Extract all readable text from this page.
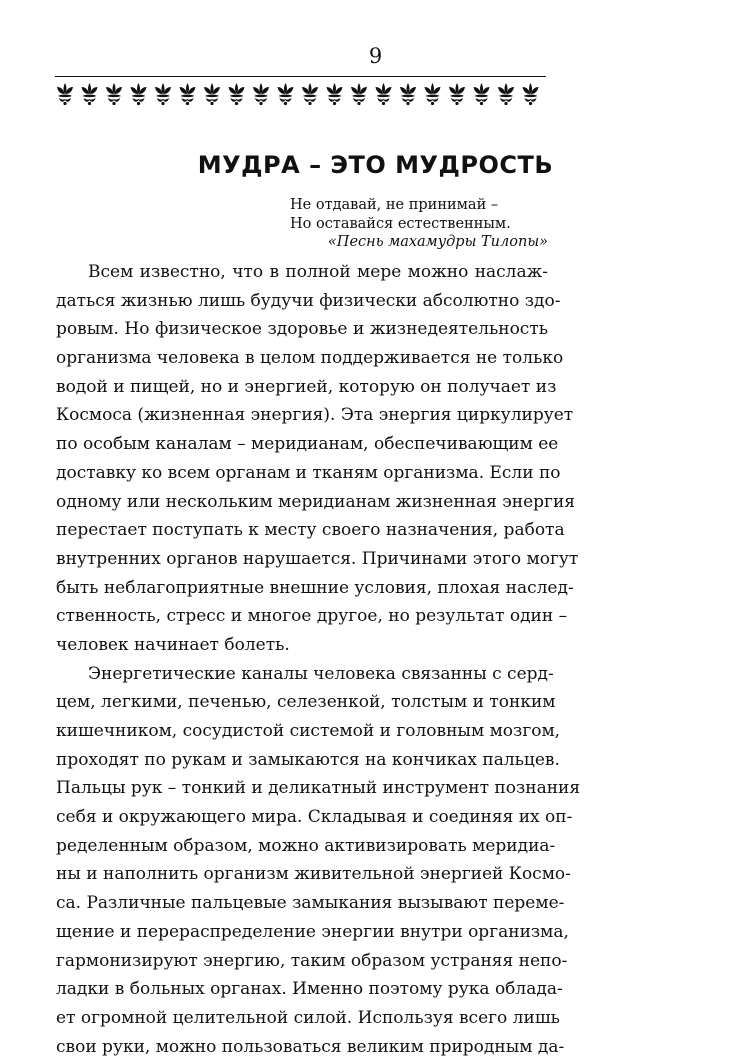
9
МУДРА – ЭТО МУДРОСТЬ
Не отдавай, не принимай –
Но оставайся естественным.
«Песнь махамудры Тилопы»
Всем известно, что в полной мере можно наслаж-
даться жизнью лишь будучи физически абсолютно здо-
ровым. Но физическое здоровье и жизнедеятельность
организма человека в целом поддерживается не только
водой и пищей, но и энергией, которую он получает из
Космоса (жизненная энергия). Эта энергия циркулирует
по особым каналам – меридианам, обеспечивающим ее
доставку ко всем органам и тканям организма. Если по
одному или нескольким меридианам жизненная энергия
перестает поступать к месту своего назначения, работа
внутренних органов нарушается. Причинами этого могут
быть неблагоприятные внешние условия, плохая наслед-
ственность, стресс и многое другое, но результат один –
человек начинает болеть.
Энергетические каналы человека связанны с серд-
цем, легкими, печенью, селезенкой, толстым и тонким
кишечником, сосудистой системой и головным мозгом,
проходят по рукам и замыкаются на кончиках пальцев.
Пальцы рук – тонкий и деликатный инструмент познания
себя и окружающего мира. Складывая и соединяя их оп-
ределенным образом, можно активизировать меридиа-
ны и наполнить организм живительной энергией Космо-
са. Различные пальцевые замыкания вызывают переме-
щение и перераспределение энергии внутри организма,
гармонизируют энергию, таким образом устраняя непо-
ладки в больных органах. Именно поэтому рука облада-
ет огромной целительной силой. Используя всего лишь
свои руки, можно пользоваться великим природным да-
